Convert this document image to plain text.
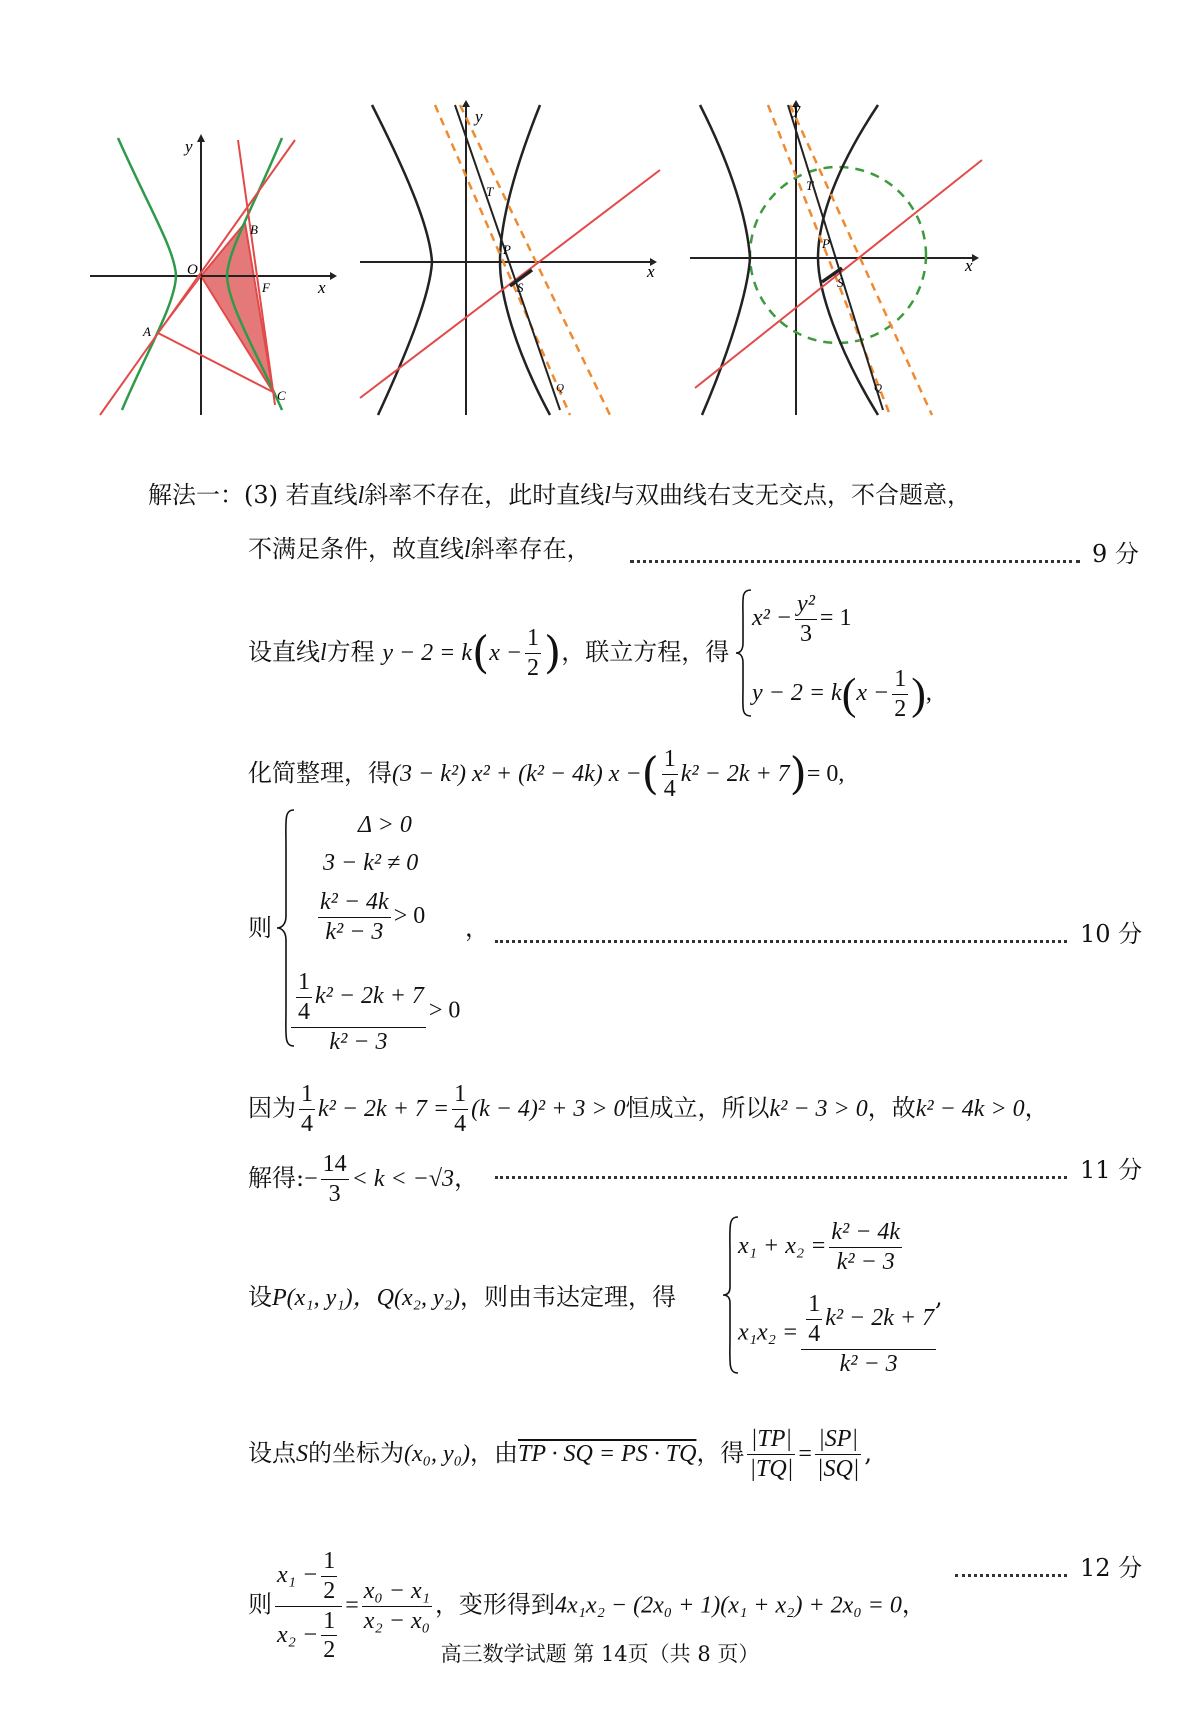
x
y
O
F
A
B
C
x
y
T
P
S
Q
x
y
T
P
S
Q
解法一：(3) 若直线l斜率不存在，此时直线l与双曲线右支无交点，不合题意，
不满足条件，故直线l斜率存在，	9 分
设直线l方程 $y - 2 = k(x - \frac{1}{2}$ )，联立方程，得
$x^2 - \frac{\text{y²}}{3} = 1$
$y - 2 = k(x - \frac{1}{2}$ ),
化简整理，得(3 − k²) x² + (k² − 4k) x −( $\frac{1}{4} k^2 - 2k + 7)= 0$,
则
Δ > 0
3 − k² ≠ 0
$\frac{\text{k² − 4k}}{\text{k² − 3}} > 0$
$\frac{\frac{1}{4} k^2 - 2k + 7}{\text{k² − 3}} > 0$
，	10 分
因为 $\frac{1}{4} k^2 - 2k + 7 = \frac{1}{4} (k - 4)^2 + 3 > 0$恒成立，所以k² − 3 > 0，故k² − 4k > 0，
解得:− $\frac{14}{3} < k < -√3$，	11 分
设P(x₁, y₁)，Q(x₂, y₂)，则由韦达定理，得
$x_1 + x_2 = \frac{\text{k² − 4k}}{\text{k² − 3}}$
$x_1x_2 = \frac{\frac{1}{4} k^2 - 2k + 7}{\text{k² − 3}}$
,
设点S的坐标为(x₀, y₀)，由TP · SQ = PS · TQ，得 $\frac{|TP|}{|TQ|} = \frac{|SP|}{|SQ|}$ ,
则 $\frac{x_1 - \frac{1}{2}}{x_2 - \frac{1}{2}} = \frac{\text{x₀ − x₁}}{\text{x₂ − x₀}}$ ，变形得到4x₁x₂ − (2x₀ + 1)(x₁ + x₂) + 2x₀ = 0，
12 分
高三数学试题 第 14页（共 8 页）
